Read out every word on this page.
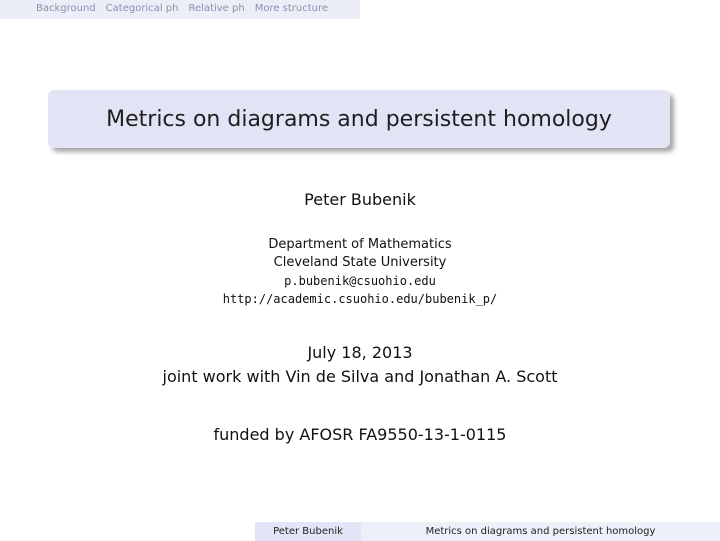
Background Categorical ph Relative ph More structure
Metrics on diagrams and persistent homology
Peter Bubenik
Department of Mathematics
Cleveland State University
p.bubenik@csuohio.edu
http://academic.csuohio.edu/bubenik_p/
July 18, 2013
joint work with Vin de Silva and Jonathan A. Scott
funded by AFOSR FA9550-13-1-0115
Peter Bubenik	Metrics on diagrams and persistent homology
